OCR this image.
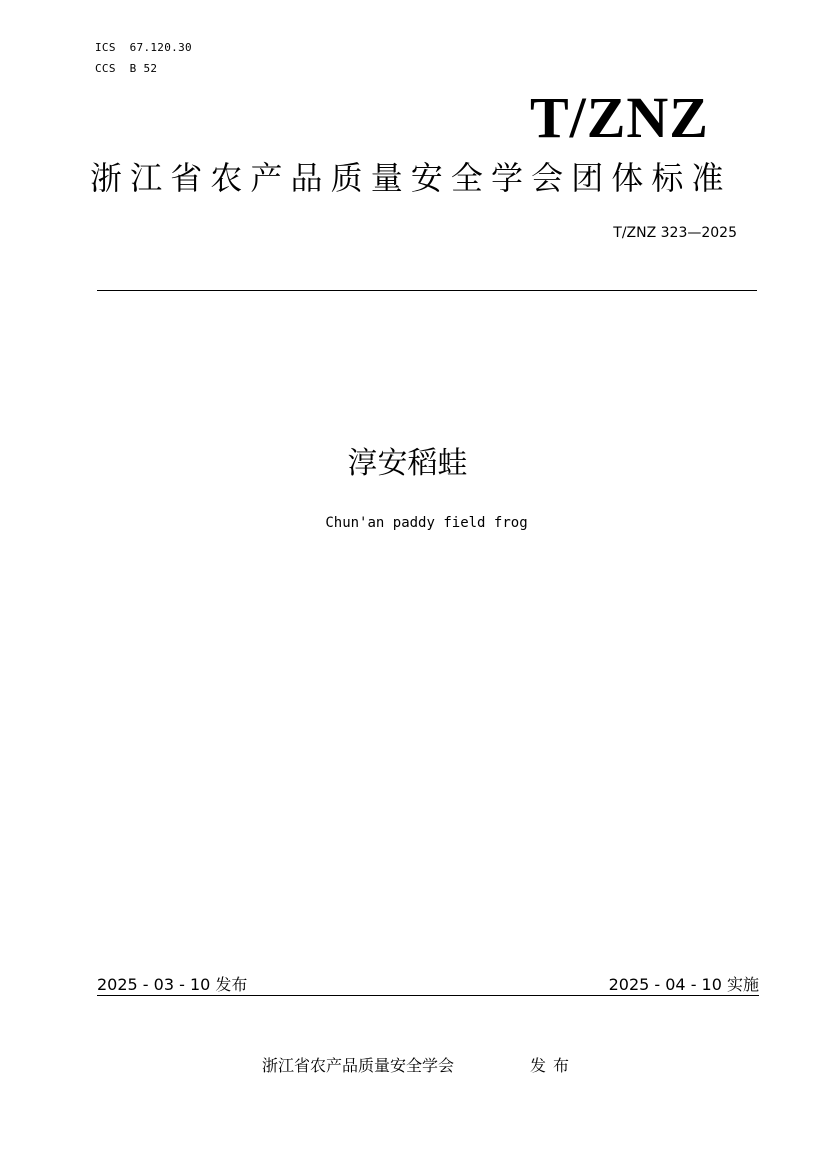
ICS  67.120.30
CCS  B 52
T/ZNZ
浙江省农产品质量安全学会团体标准
T/ZNZ 323—2025
淳安稻蛙
Chun'an paddy field frog
2025 - 03 - 10 发布	2025 - 04 - 10 实施
浙江省农产品质量安全学会	发布
